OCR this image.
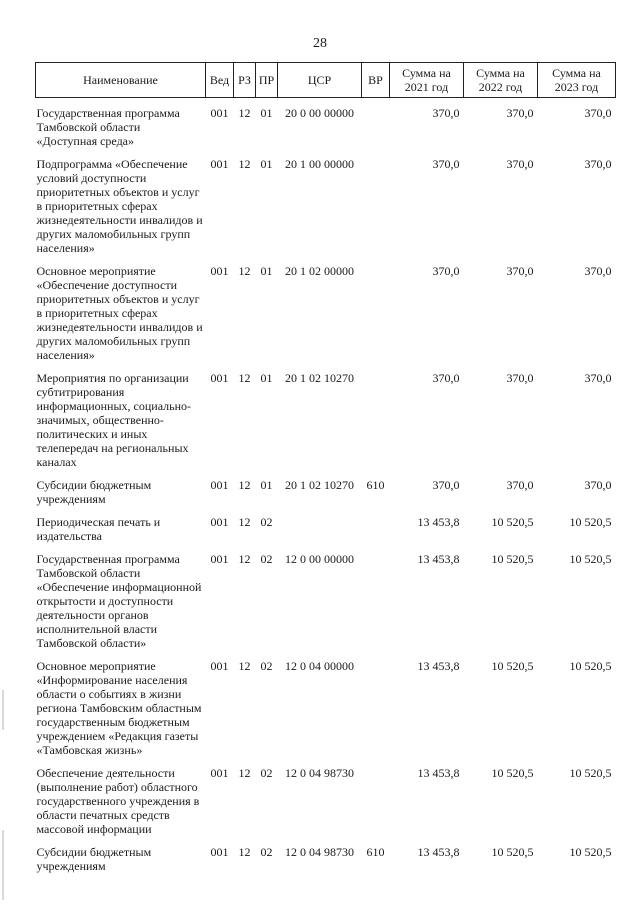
28
Наименование	Вед	РЗ	ПР	ЦСР	ВР	Сумма на 2021 год	Сумма на 2022 год	Сумма на 2023 год
Государственная программа Тамбовской области «Доступная среда»	001	12	01	20 0 00 00000		370,0	370,0	370,0
Подпрограмма «Обеспечение условий доступности приоритетных объектов и услуг в приоритетных сферах жизнедеятельности инвалидов и других маломобильных групп населения»	001	12	01	20 1 00 00000		370,0	370,0	370,0
Основное мероприятие «Обеспечение доступности приоритетных объектов и услуг в приоритетных сферах жизнедеятельности инвалидов и других маломобильных групп населения»	001	12	01	20 1 02 00000		370,0	370,0	370,0
Мероприятия по организации субтитрирования информационных, социально-значимых, общественно-политических и иных телепередач на региональных каналах	001	12	01	20 1 02 10270		370,0	370,0	370,0
Субсидии бюджетным учреждениям	001	12	01	20 1 02 10270	610	370,0	370,0	370,0
Периодическая печать и издательства	001	12	02			13 453,8	10 520,5	10 520,5
Государственная программа Тамбовской области «Обеспечение информационной открытости и доступности деятельности органов исполнительной власти Тамбовской области»	001	12	02	12 0 00 00000		13 453,8	10 520,5	10 520,5
Основное мероприятие «Информирование населения области о событиях в жизни региона Тамбовским областным государственным бюджетным учреждением «Редакция газеты «Тамбовская жизнь»	001	12	02	12 0 04 00000		13 453,8	10 520,5	10 520,5
Обеспечение деятельности (выполнение работ) областного государственного учреждения в области печатных средств массовой информации	001	12	02	12 0 04 98730		13 453,8	10 520,5	10 520,5
Субсидии бюджетным учреждениям	001	12	02	12 0 04 98730	610	13 453,8	10 520,5	10 520,5
